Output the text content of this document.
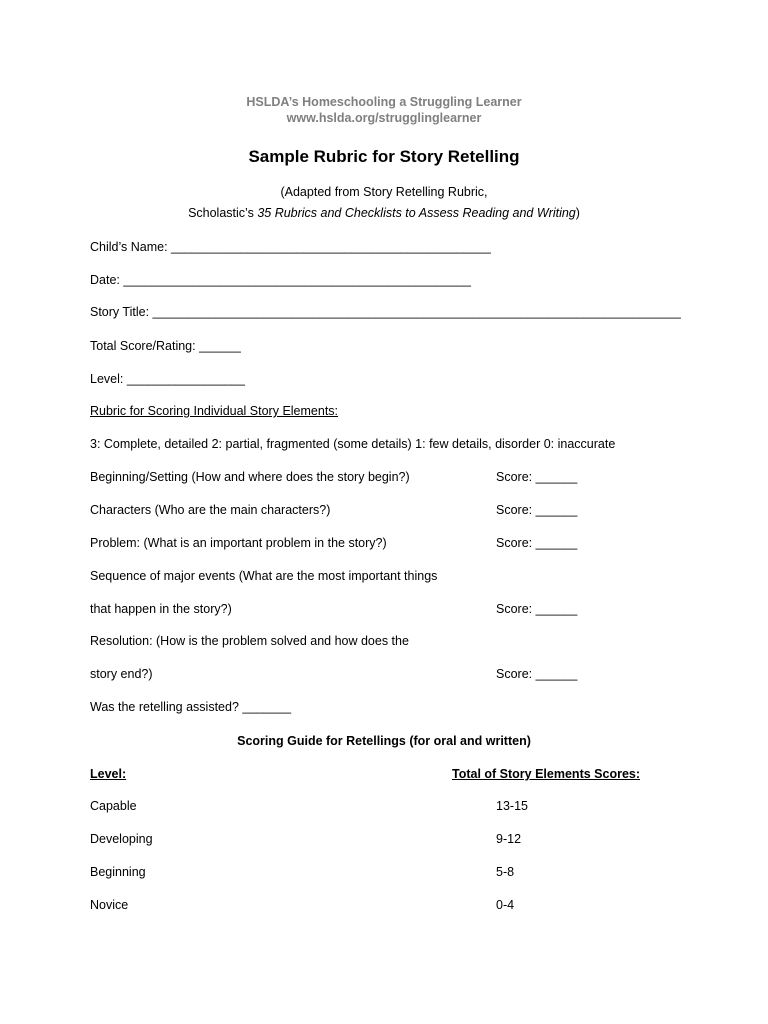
HSLDA’s Homeschooling a Struggling Learner
www.hslda.org/strugglinglearner
Sample Rubric for Story Retelling
(Adapted from Story Retelling Rubric,
Scholastic’s 35 Rubrics and Checklists to Assess Reading and Writing)
Child’s Name: ______________________________________________
Date: __________________________________________________
Story Title: ____________________________________________________________________________
Total Score/Rating: ______
Level: _________________
Rubric for Scoring Individual Story Elements:
3: Complete, detailed 2: partial, fragmented (some details) 1: few details, disorder 0: inaccurate
Beginning/Setting (How and where does the story begin?)	Score: ______
Characters (Who are the main characters?)	Score: ______
Problem: (What is an important problem in the story?)	Score: ______
Sequence of major events (What are the most important things
that happen in the story?)	Score: ______
Resolution: (How is the problem solved and how does the
story end?)	Score: ______
Was the retelling assisted? _______
Scoring Guide for Retellings (for oral and written)
Level:	Total of Story Elements Scores:
Capable	13-15
Developing	9-12
Beginning	5-8
Novice	0-4
